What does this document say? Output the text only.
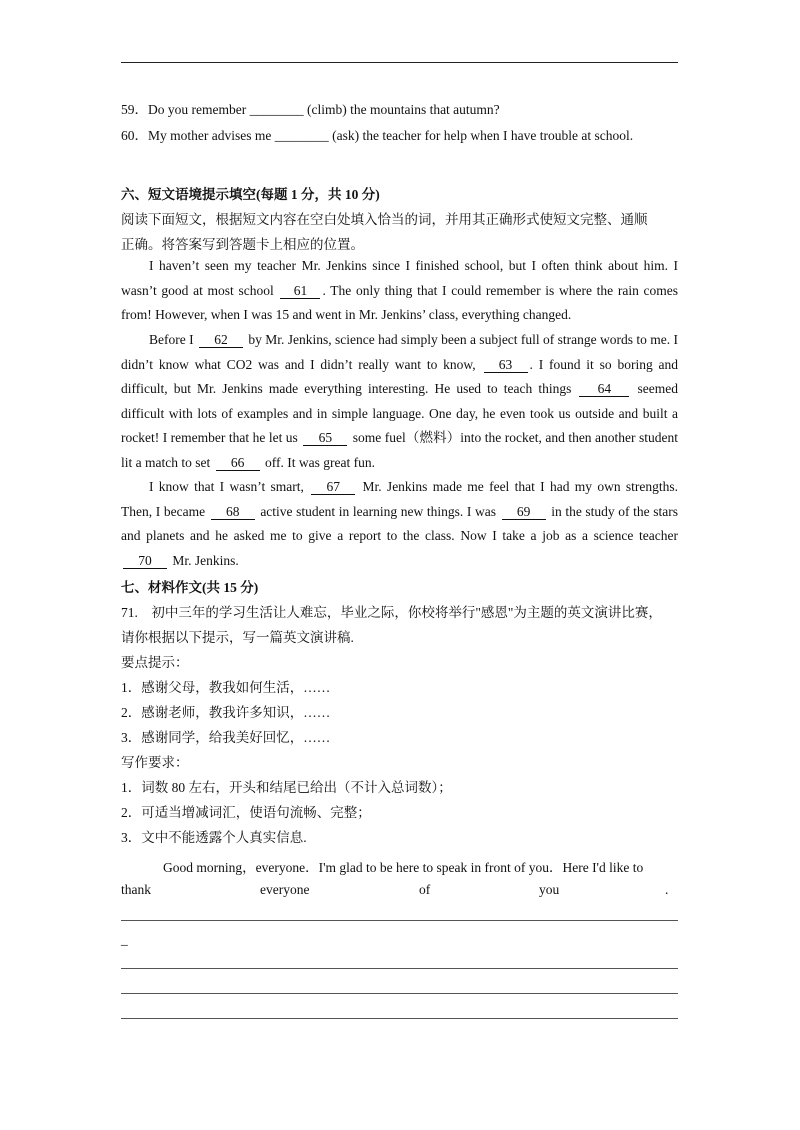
59．Do you remember ________ (climb) the mountains that autumn?
60．My mother advises me ________ (ask) the teacher for help when I have trouble at school.
六、短文语境提示填空(每题 1 分，共 10 分)
阅读下面短文，根据短文内容在空白处填入恰当的词，并用其正确形式使短文完整、通顺
正确。将答案写到答题卡上相应的位置。
I haven’t seen my teacher Mr. Jenkins since I finished school, but I often think about him. I wasn’t good at most school 61 . The only thing that I could remember is where the rain comes from! However, when I was 15 and went in Mr. Jenkins’ class, everything changed.
Before I 62 by Mr. Jenkins, science had simply been a subject full of strange words to me. I didn’t know what CO2 was and I didn’t really want to know, 63 . I found it so boring and difficult, but Mr. Jenkins made everything interesting. He used to teach things 64 seemed difficult with lots of examples and in simple language. One day, he even took us outside and built a rocket! I remember that he let us 65 some fuel（燃料）into the rocket, and then another student lit a match to set 66 off. It was great fun.
I know that I wasn’t smart, 67 Mr. Jenkins made me feel that I had my own strengths. Then, I became 68 active student in learning new things. I was 69 in the study of the stars and planets and he asked me to give a report to the class. Now I take a job as a science teacher 70 Mr. Jenkins.
七、材料作文(共 15 分)
71.　初中三年的学习生活让人难忘，毕业之际，你校将举行"感恩"为主题的英文演讲比赛，
请你根据以下提示，写一篇英文演讲稿.
要点提示：
1．感谢父母，教我如何生活，……
2．感谢老师，教我许多知识，……
3．感谢同学，给我美好回忆，……
写作要求：
1．词数 80 左右，开头和结尾已给出（不计入总词数）；
2．可适当增减词汇，使语句流畅、完整；
3．文中不能透露个人真实信息.
Good morning，everyone．I'm glad to be here to speak in front of you．Here I'd like to
thank	everyone	of	you	.
_
